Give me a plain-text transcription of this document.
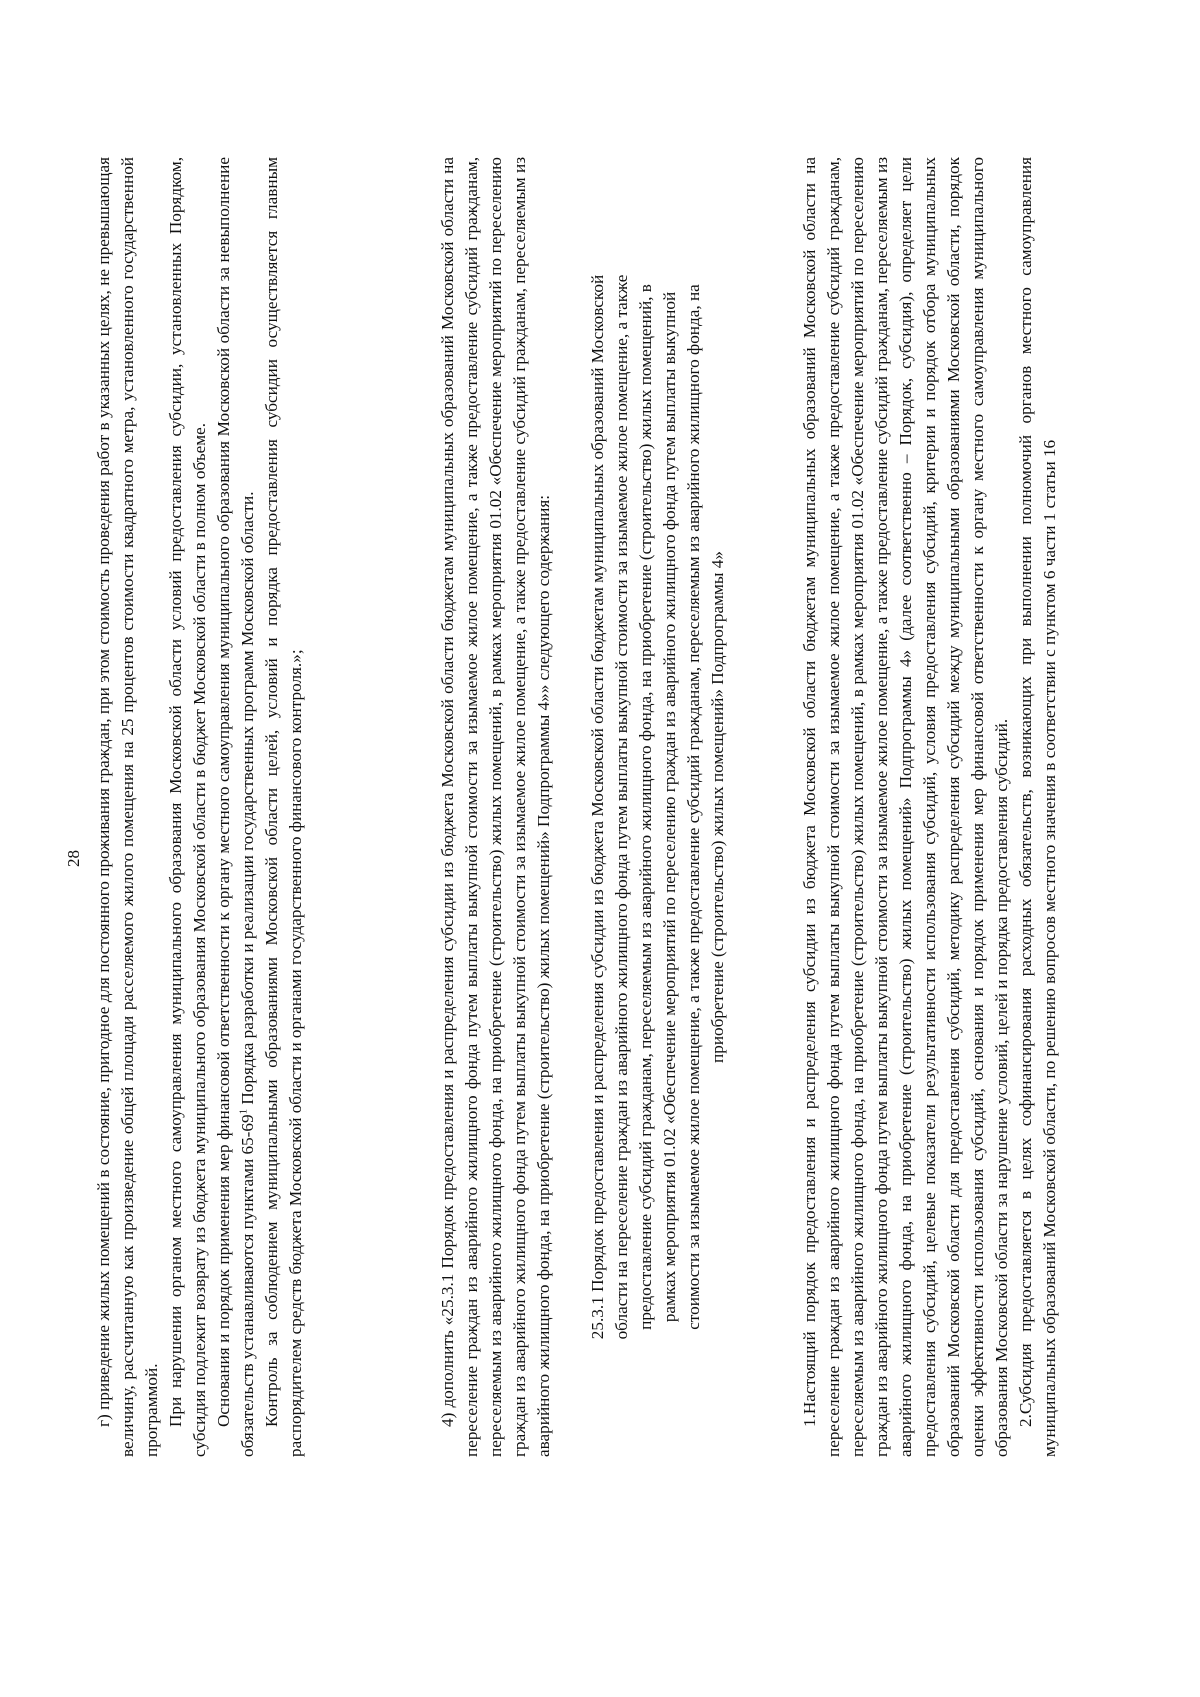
28 г) приведение жилых помещений в состояние, пригодное для постоянного проживания граждан, при этом стоимость проведения работ в указанных целях, не превышающая величину, рассчитанную как произведение общей площади расселяемого жилого помещения на 25 процентов стоимости квадратного метра, установленного государственной программой. При нарушении органом местного самоуправления муниципального образования Московской области условий предоставления субсидии, установленных Порядком, субсидия подлежит возврату из бюджета муниципального образования Московской области в бюджет Московской области в полном объеме. Основания и порядок применения мер финансовой ответственности к органу местного самоуправления муниципального образования Московской области за невыполнение обязательств устанавливаются пунктами $65-69^1$ Порядка разработки и реализации государственных программ Московской области. Контроль за соблюдением муниципальными образованиями Московской области целей, условий и порядка предоставления субсидии осуществляется главным распорядителем средств бюджета Московской области и органами государственного финансового контроля.»;	4) дополнить «25.3.1 Порядок предоставления и распределения субсидии из бюджета Московской области бюджетам муниципальных образований Московской области на переселение граждан из аварийного жилищного фонда путем выплаты выкупной стоимости за изымаемое жилое помещение, а также предоставление субсидий гражданам, переселяемым из аварийного жилищного фонда, на приобретение (строительство) жилых помещений, в рамках мероприятия 01.02 «Обеспечение мероприятий по переселению граждан из аварийного жилищного фонда путем выплаты выкупной стоимости за изымаемое жилое помещение, а также предоставление субсидий гражданам, переселяемым из аварийного жилищного фонда, на приобретение (строительство) жилых помещений» Подпрограммы 4»» следующего содержания: 25.3.1 Порядок предоставления и распределения субсидии из бюджета Московской области бюджетам муниципальных образований Московской области на переселение граждан из аварийного жилищного фонда путем выплаты выкупной стоимости за изымаемое жилое помещение, а также предоставление субсидий гражданам, переселяемым из аварийного жилищного фонда, на приобретение (строительство) жилых помещений, в рамках мероприятия 01.02 «Обеспечение мероприятий по переселению граждан из аварийного жилищного фонда путем выплаты выкупной стоимости за изымаемое жилое помещение, а также предоставление субсидий гражданам, переселяемым из аварийного жилищного фонда, на приобретение (строительство) жилых помещений» Подпрограммы 4»	1.Настоящий порядок предоставления и распределения субсидии из бюджета Московской области бюджетам муниципальных образований Московской области на переселение граждан из аварийного жилищного фонда путем выплаты выкупной стоимости за изымаемое жилое помещение, а также предоставление субсидий гражданам, переселяемым из аварийного жилищного фонда, на приобретение (строительство) жилых помещений, в рамках мероприятия 01.02 «Обеспечение мероприятий по переселению граждан из аварийного жилищного фонда путем выплаты выкупной стоимости за изымаемое жилое помещение, а также предоставление субсидий гражданам, переселяемым из аварийного жилищного фонда, на приобретение (строительство) жилых помещений» Подпрограммы 4» (далее соответственно – Порядок, субсидия), определяет цели предоставления субсидий, целевые показатели результативности использования субсидий, условия предоставления субсидий, критерии и порядок отбора муниципальных образований Московской области для предоставления субсидий, методику распределения субсидий между муниципальными образованиями Московской области, порядок оценки эффективности использования субсидий, основания и порядок применения мер финансовой ответственности к органу местного самоуправления муниципального образования Московской области за нарушение условий, целей и порядка предоставления субсидий. 2.Субсидия предоставляется в целях софинансирования расходных обязательств, возникающих при выполнении полномочий органов местного самоуправления муниципальных образований Московской области, по решению вопросов местного значения в соответствии с пунктом 6 части 1 статьи 16
